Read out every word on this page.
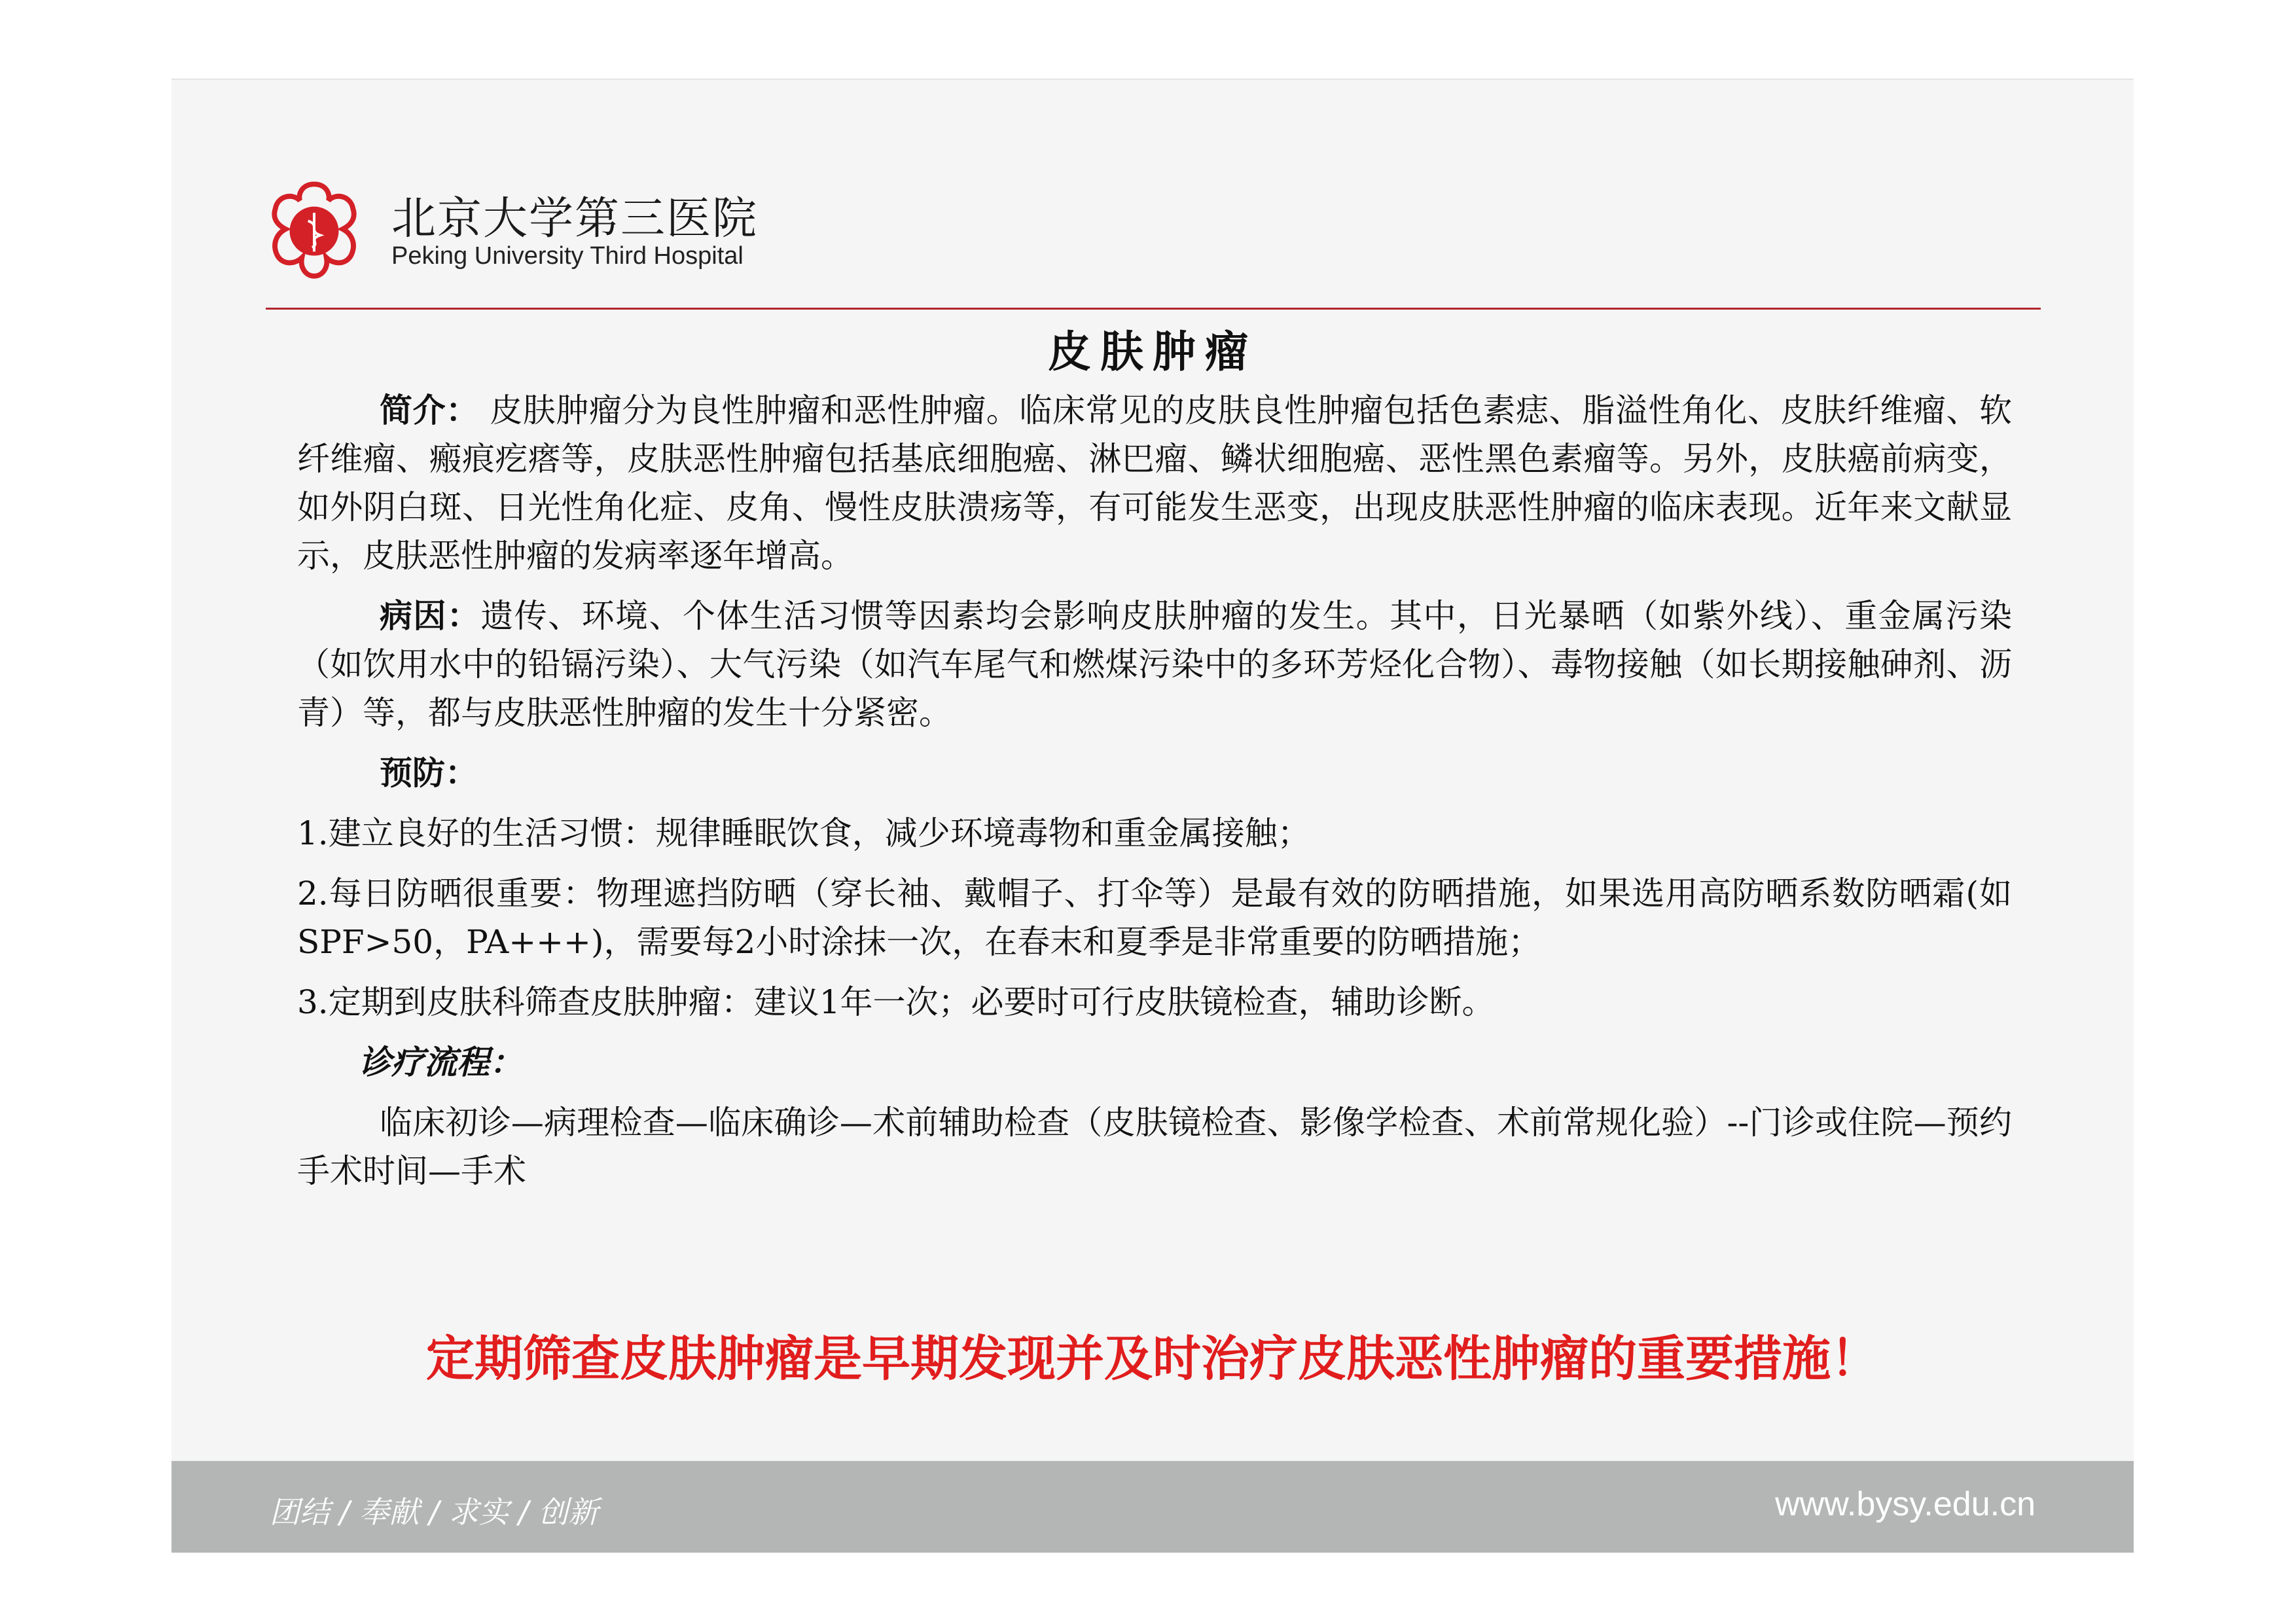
北京大学第三医院
Peking University Third Hospital
皮肤肿瘤

简介： 皮肤肿瘤分为良性肿瘤和恶性肿瘤。临床常见的皮肤良性肿瘤包括色素痣、脂溢性角化、皮肤纤维瘤、软纤维瘤、瘢痕疙瘩等，皮肤恶性肿瘤包括基底细胞癌、淋巴瘤、鳞状细胞癌、恶性黑色素瘤等。另外，皮肤癌前病变，如外阴白斑、日光性角化症、皮角、慢性皮肤溃疡等，有可能发生恶变，出现皮肤恶性肿瘤的临床表现。近年来文献显示，皮肤恶性肿瘤的发病率逐年增高。

病因：遗传、环境、个体生活习惯等因素均会影响皮肤肿瘤的发生。其中，日光暴晒（如紫外线）、重金属污染（如饮用水中的铅镉污染）、大气污染（如汽车尾气和燃煤污染中的多环芳烃化合物）、毒物接触（如长期接触砷剂、沥青）等，都与皮肤恶性肿瘤的发生十分紧密。

预防：

1.建立良好的生活习惯：规律睡眠饮食，减少环境毒物和重金属接触；

2.每日防晒很重要：物理遮挡防晒（穿长袖、戴帽子、打伞等）是最有效的防晒措施，如果选用高防晒系数防晒霜(如SPF>50，PA+++)，需要每2小时涂抹一次，在春末和夏季是非常重要的防晒措施；

3.定期到皮肤科筛查皮肤肿瘤：建议1年一次；必要时可行皮肤镜检查，辅助诊断。

诊疗流程：

临床初诊—病理检查—临床确诊—术前辅助检查（皮肤镜检查、影像学检查、术前常规化验）--门诊或住院—预约手术时间—手术

定期筛查皮肤肿瘤是早期发现并及时治疗皮肤恶性肿瘤的重要措施！
团结 / 奉献 / 求实 / 创新	www.bysy.edu.cn
